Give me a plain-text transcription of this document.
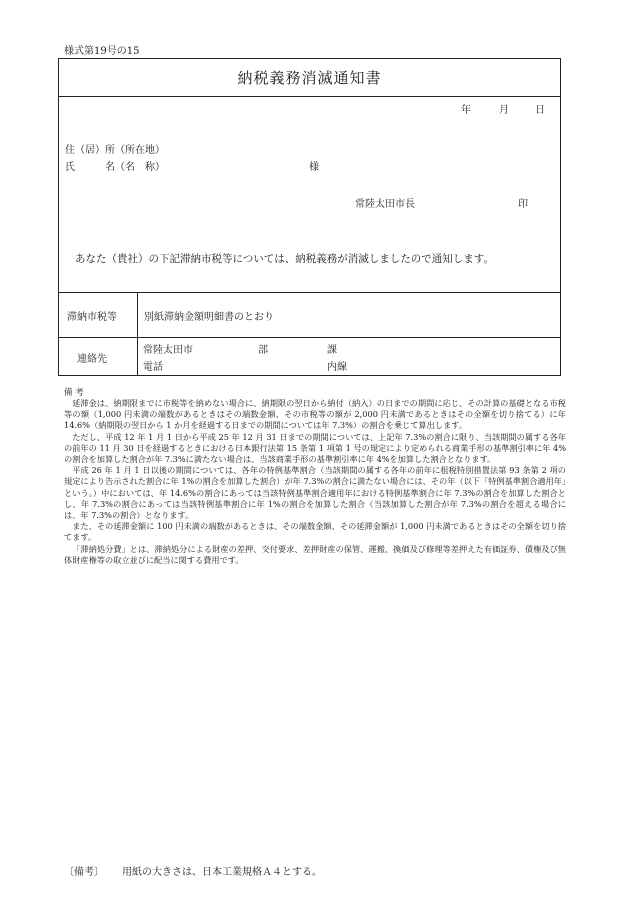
様式第19号の15
納税義務消滅通知書
年	月	日
住（居）所（所在地）
氏　　　名（名　称）	様
常陸太田市長	印
あなた（貴社）の下記滞納市税等については、納税義務が消滅しましたので通知します。
滞納市税等	別紙滞納金額明細書のとおり
連絡先
常陸太田市	部	課
電話	内線
備 考

延滞金は、納期限までに市税等を納めない場合に、納期限の翌日から納付（納入）の日までの期間に応じ、その計算の基礎となる市税等の額（1,000 円未満の端数があるときはその端数金額、その市税等の額が 2,000 円未満であるときはその全額を切り捨てる）に年 14.6%（納期限の翌日から 1 か月を経過する日までの期間については年 7.3%）の割合を乗じて算出します。

ただし、平成 12 年 1 月 1 日から平成 25 年 12 月 31 日までの期間については、上記年 7.3%の割合に限り、当該期間の属する各年の前年の 11 月 30 日を経過するときにおける日本銀行法第 15 条第 1 項第 1 号の規定により定められる商業手形の基準割引率に年 4%の割合を加算した割合が年 7.3%に満たない場合は、当該商業手形の基準割引率に年 4%を加算した割合となります。

平成 26 年 1 月 1 日以後の期間については、各年の特例基準割合（当該期間の属する各年の前年に租税特別措置法第 93 条第 2 項の規定により告示された割合に年 1%の割合を加算した割合）が年 7.3%の割合に満たない場合には、その年（以下「特例基準割合適用年」という。）中においては、年 14.6%の割合にあっては当該特例基準割合適用年における特例基準割合に年 7.3%の割合を加算した割合とし、年 7.3%の割合にあっては当該特例基準割合に年 1%の割合を加算した割合（当該加算した割合が年 7.3%の割合を超える場合には、年 7.3%の割合）となります。

また、その延滞金額に 100 円未満の端数があるときは、その端数金額、その延滞金額が 1,000 円未満であるときはその全額を切り捨てます。

「滞納処分費」とは、滞納処分による財産の差押、交付要求、差押財産の保管、運搬、換価及び修理等差押えた有価証券、債権及び無体財産権等の取立並びに配当に関する費用です。

〔備考〕 用紙の大きさは、日本工業規格Ａ４とする。
